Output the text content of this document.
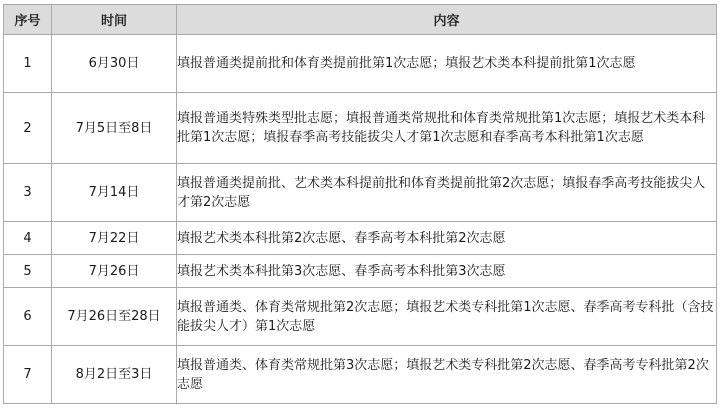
序号	时间	内容
1	6月30日	填报普通类提前批和体育类提前批第1次志愿；填报艺术类本科提前批第1次志愿
2	7月5日至8日	填报普通类特殊类型批志愿；填报普通类常规批和体育类常规批第1次志愿；填报艺术类本科批第1次志愿；填报春季高考技能拔尖人才第1次志愿和春季高考本科批第1次志愿
3	7月14日	填报普通类提前批、艺术类本科提前批和体育类提前批第2次志愿；填报春季高考技能拔尖人才第2次志愿
4	7月22日	填报艺术类本科批第2次志愿、春季高考本科批第2次志愿
5	7月26日	填报艺术类本科批第3次志愿、春季高考本科批第3次志愿
6	7月26日至28日	填报普通类、体育类常规批第2次志愿；填报艺术类专科批第1次志愿、春季高考专科批（含技能拔尖人才）第1次志愿
7	8月2日至3日	填报普通类、体育类常规批第3次志愿；填报艺术类专科批第2次志愿、春季高考专科批第2次志愿
